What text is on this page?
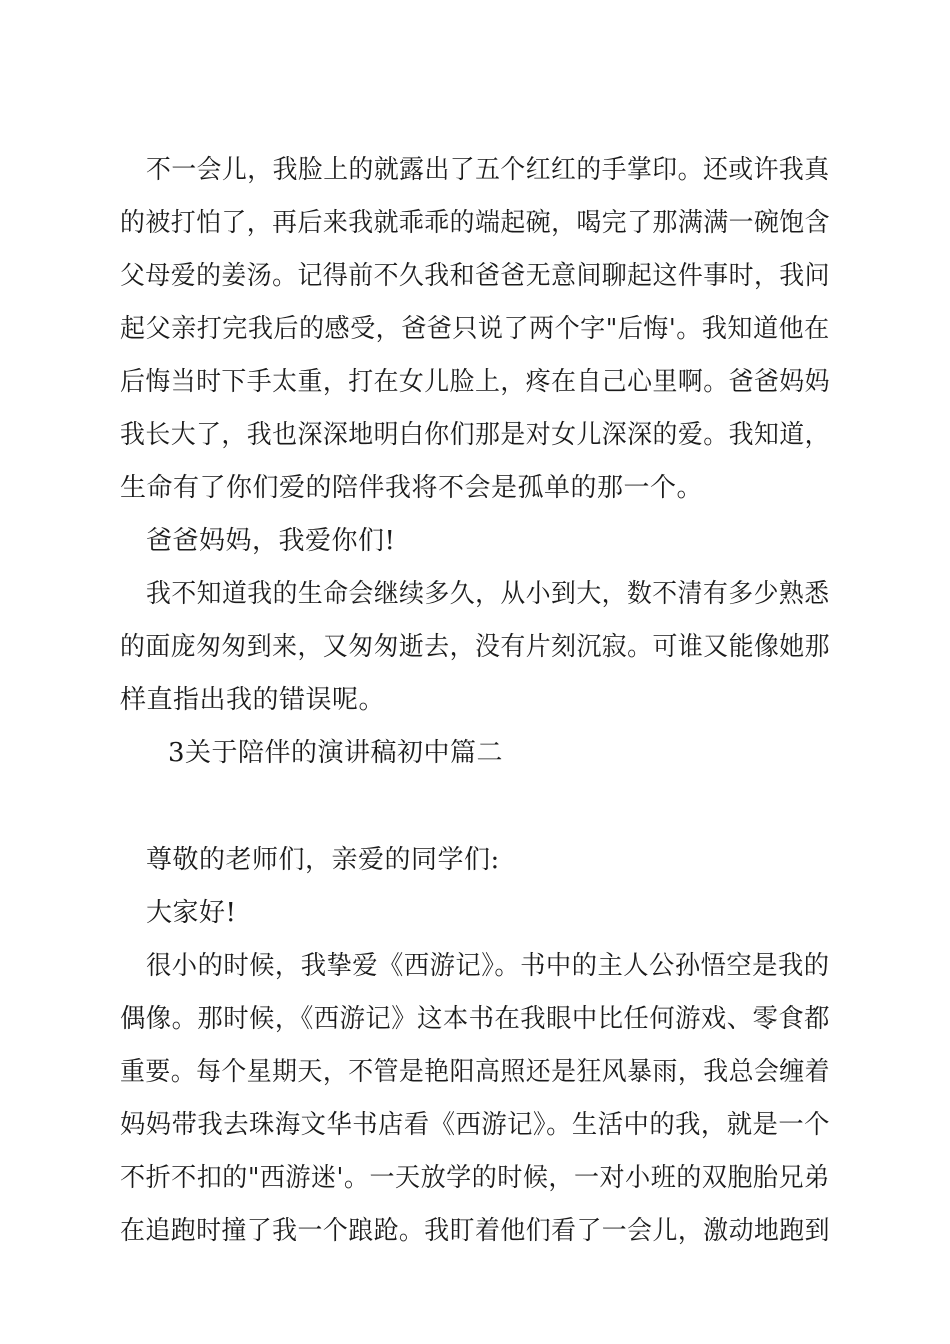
不一会儿，我脸上的就露出了五个红红的手掌印。还或许我真
的被打怕了，再后来我就乖乖的端起碗，喝完了那满满一碗饱含
父母爱的姜汤。记得前不久我和爸爸无意间聊起这件事时，我问
起父亲打完我后的感受，爸爸只说了两个字"后悔'。我知道他在
后悔当时下手太重，打在女儿脸上，疼在自己心里啊。爸爸妈妈
我长大了，我也深深地明白你们那是对女儿深深的爱。我知道，
生命有了你们爱的陪伴我将不会是孤单的那一个。
爸爸妈妈，我爱你们!
我不知道我的生命会继续多久，从小到大，数不清有多少熟悉
的面庞匆匆到来，又匆匆逝去，没有片刻沉寂。可谁又能像她那
样直指出我的错误呢。
3关于陪伴的演讲稿初中篇二
尊敬的老师们，亲爱的同学们:
大家好!
很小的时候，我挚爱《西游记》。书中的主人公孙悟空是我的
偶像。那时候，《西游记》这本书在我眼中比任何游戏、零食都
重要。每个星期天，不管是艳阳高照还是狂风暴雨，我总会缠着
妈妈带我去珠海文华书店看《西游记》。生活中的我，就是一个
不折不扣的"西游迷'。一天放学的时候，一对小班的双胞胎兄弟
在追跑时撞了我一个踉跄。我盯着他们看了一会儿，激动地跑到
